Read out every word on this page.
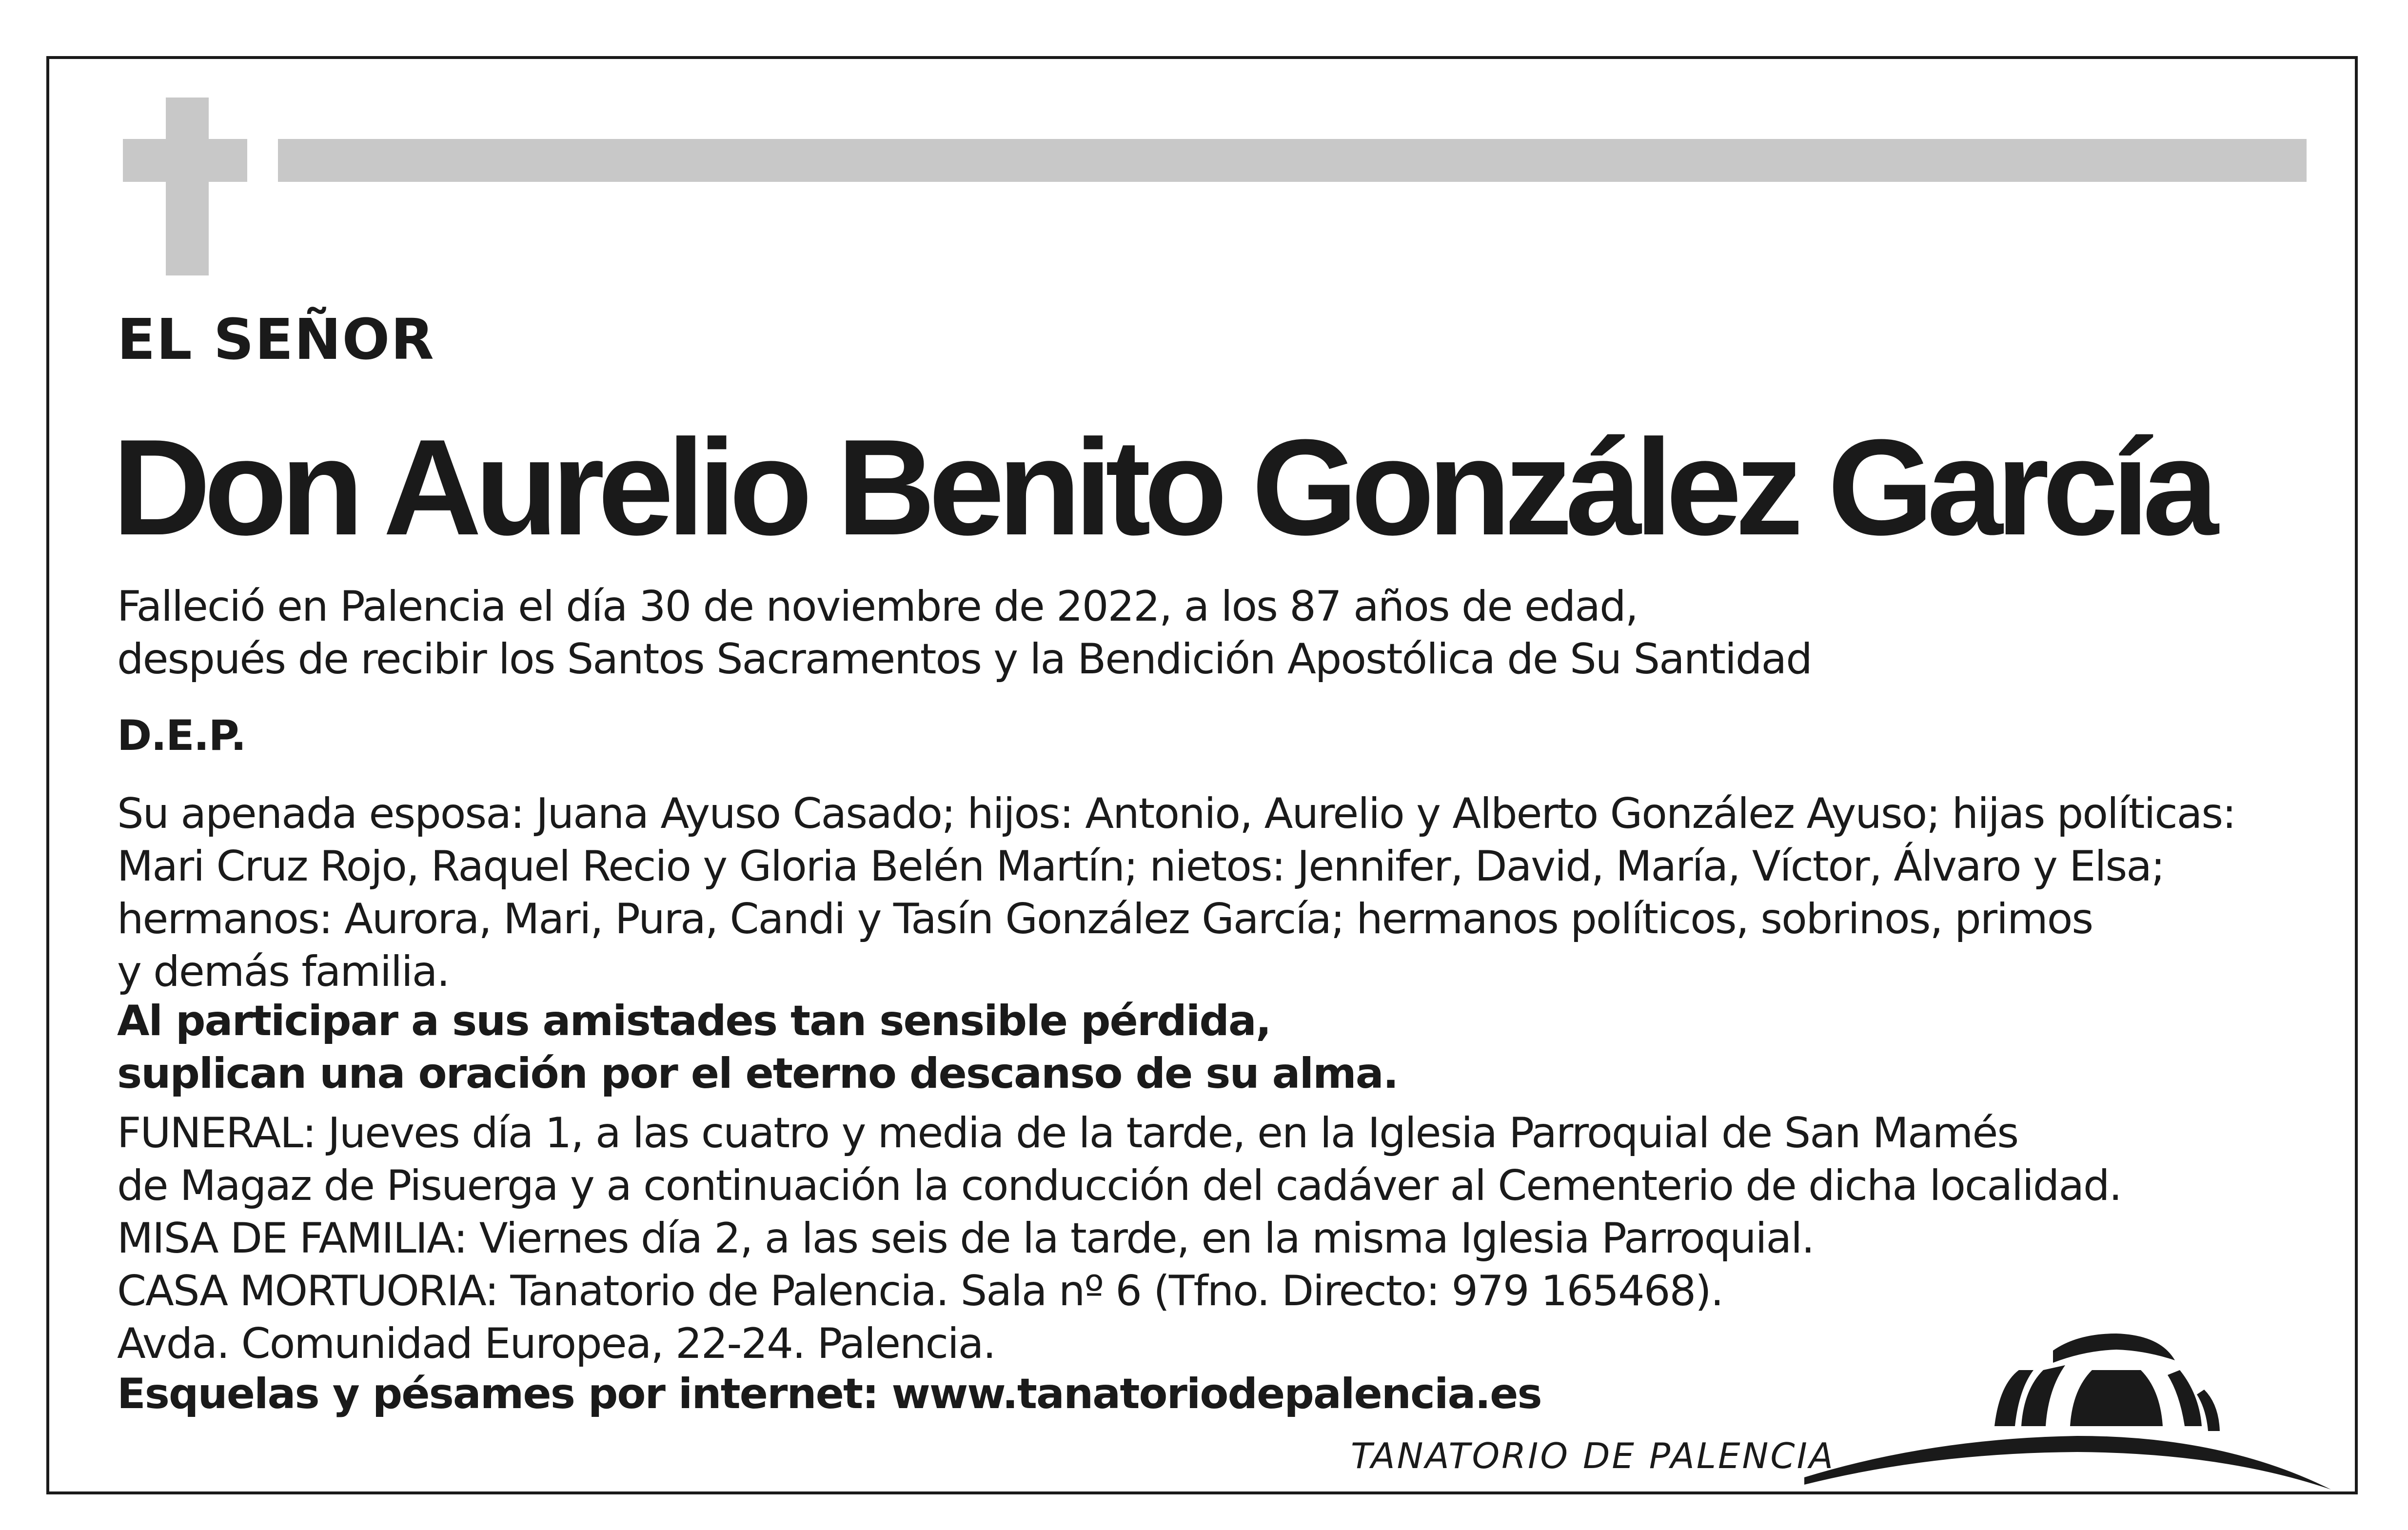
EL SEÑOR
Don Aurelio Benito González García
Falleció en Palencia el día 30 de noviembre de 2022, a los 87 años de edad,
después de recibir los Santos Sacramentos y la Bendición Apostólica de Su Santidad
D.E.P.
Su apenada esposa: Juana Ayuso Casado; hijos: Antonio, Aurelio y Alberto González Ayuso; hijas políticas:
Mari Cruz Rojo, Raquel Recio y Gloria Belén Martín; nietos: Jennifer, David, María, Víctor, Álvaro y Elsa;
hermanos: Aurora, Mari, Pura, Candi y Tasín González García; hermanos políticos, sobrinos, primos
y demás familia.
Al participar a sus amistades tan sensible pérdida,
suplican una oración por el eterno descanso de su alma.
FUNERAL: Jueves día 1, a las cuatro y media de la tarde, en la Iglesia Parroquial de San Mamés
de Magaz de Pisuerga y a continuación la conducción del cadáver al Cementerio de dicha localidad.
MISA DE FAMILIA: Viernes día 2, a las seis de la tarde, en la misma Iglesia Parroquial.
CASA MORTUORIA: Tanatorio de Palencia. Sala nº 6 (Tfno. Directo: 979 165468).
Avda. Comunidad Europea, 22-24. Palencia.
Esquelas y pésames por internet: www.tanatoriodepalencia.es
TANATORIO DE PALENCIA
